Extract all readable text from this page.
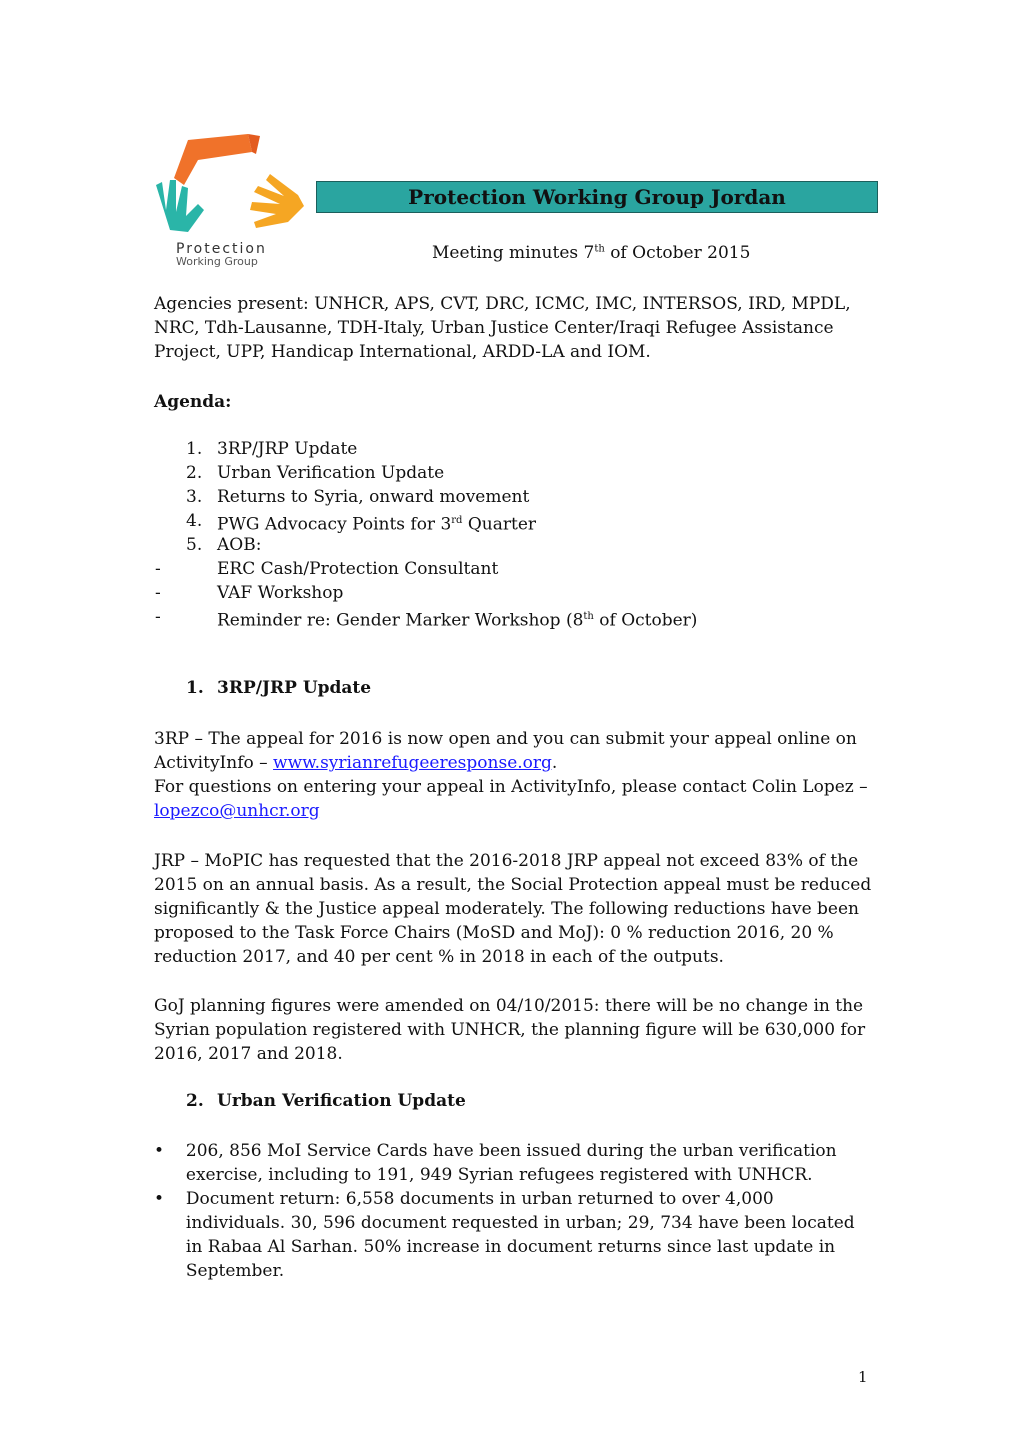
Protection
Working Group
Protection Working Group Jordan
Meeting minutes 7th of October 2015
Agencies present: UNHCR, APS, CVT, DRC, ICMC, IMC, INTERSOS, IRD, MPDL, NRC, Tdh-Lausanne, TDH-Italy, Urban Justice Center/Iraqi Refugee Assistance Project, UPP, Handicap International, ARDD-LA and IOM.
Agenda:
1. 3RP/JRP Update
2. Urban Verification Update
3. Returns to Syria, onward movement
4. PWG Advocacy Points for 3rd Quarter
5. AOB:
-	ERC Cash/Protection Consultant
-	VAF Workshop
-	Reminder re: Gender Marker Workshop (8th of October)
1. 3RP/JRP Update
3RP – The appeal for 2016 is now open and you can submit your appeal online on ActivityInfo – www.syrianrefugeeresponse.org.
For questions on entering your appeal in ActivityInfo, please contact Colin Lopez – lopezco@unhcr.org
JRP – MoPIC has requested that the 2016-2018 JRP appeal not exceed 83% of the 2015 on an annual basis. As a result, the Social Protection appeal must be reduced significantly & the Justice appeal moderately. The following reductions have been proposed to the Task Force Chairs (MoSD and MoJ): 0 % reduction 2016, 20 % reduction 2017, and 40 per cent % in 2018 in each of the outputs.
GoJ planning figures were amended on 04/10/2015: there will be no change in the Syrian population registered with UNHCR, the planning figure will be 630,000 for 2016, 2017 and 2018.
2. Urban Verification Update
•	206, 856 MoI Service Cards have been issued during the urban verification exercise, including to 191, 949 Syrian refugees registered with UNHCR.
•	Document return: 6,558 documents in urban returned to over 4,000 individuals. 30, 596 document requested in urban; 29, 734 have been located in Rabaa Al Sarhan. 50% increase in document returns since last update in September.
1
